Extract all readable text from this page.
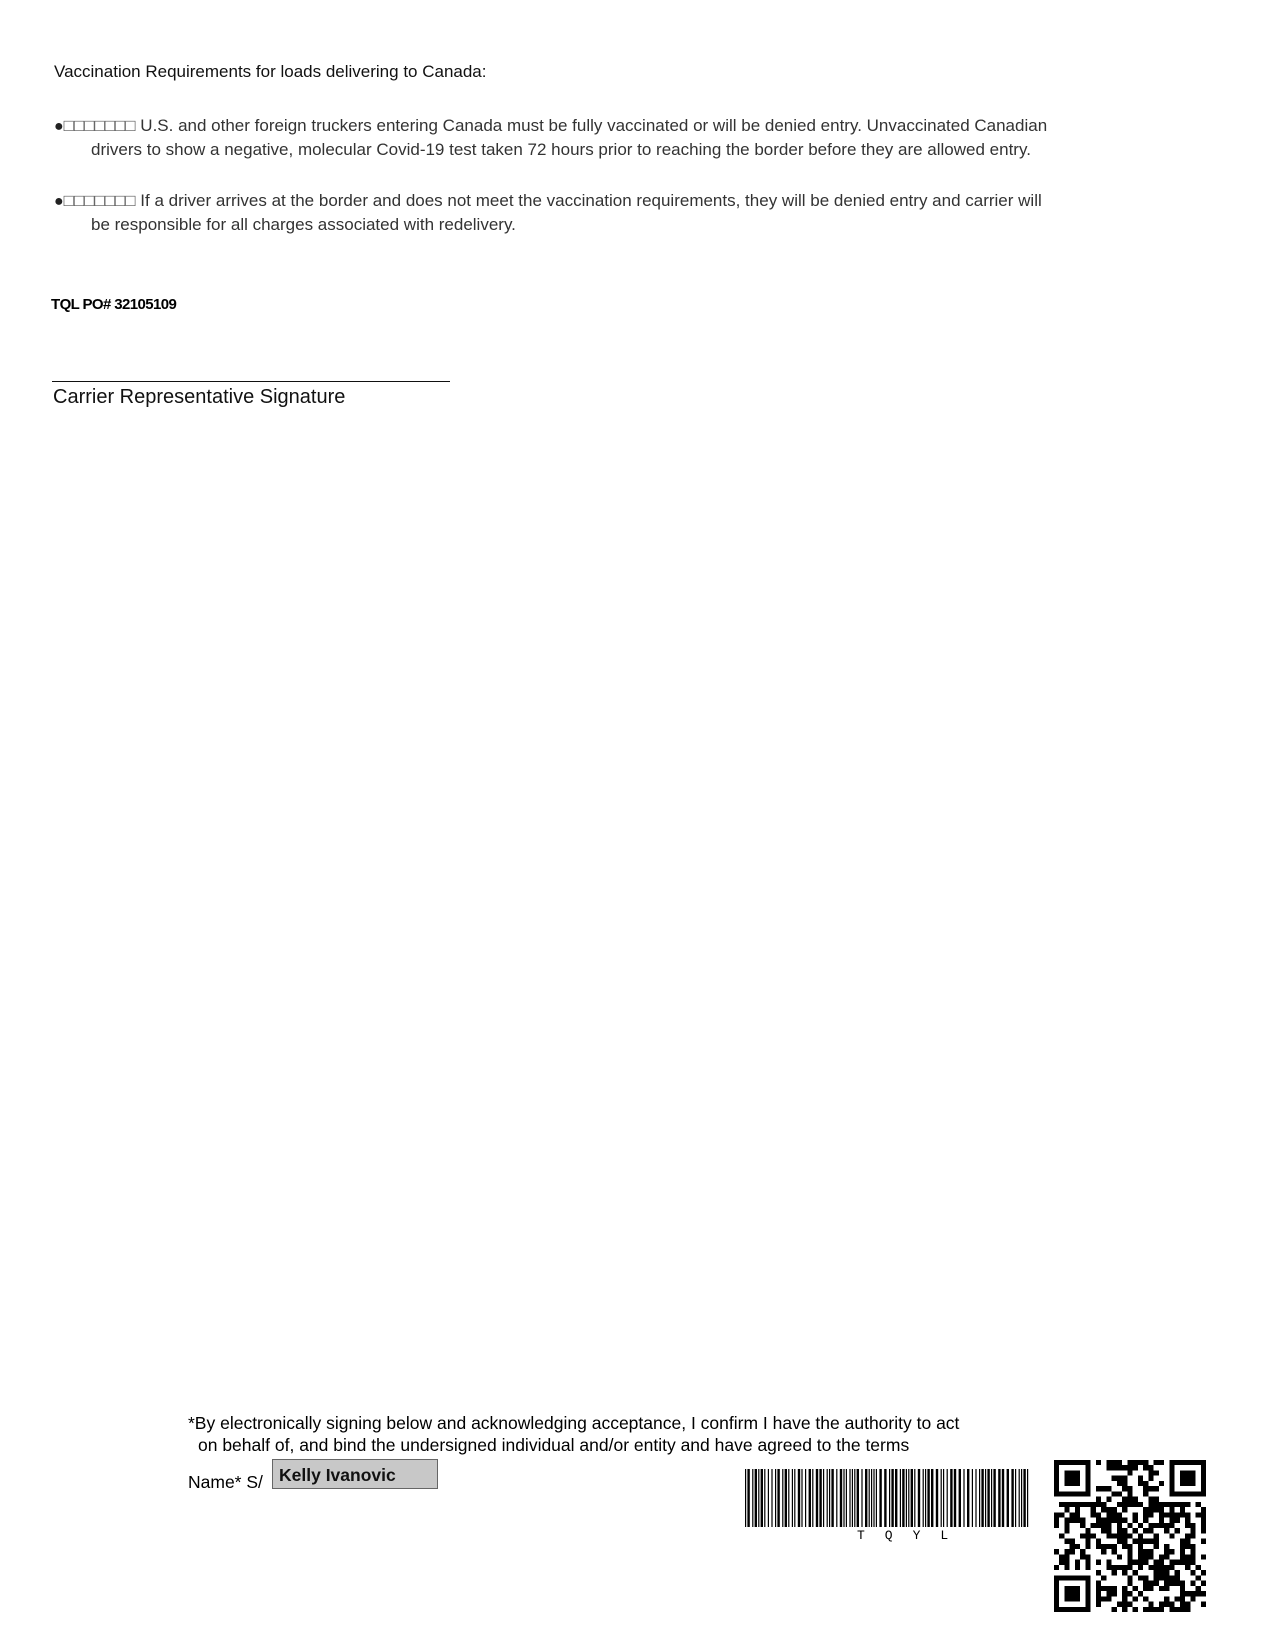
Vaccination Requirements for loads delivering to Canada:
●□□□□□□□ U.S. and other foreign truckers entering Canada must be fully vaccinated or will be denied entry. Unvaccinated Canadian
drivers to show a negative, molecular Covid-19 test taken 72 hours prior to reaching the border before they are allowed entry.
●□□□□□□□ If a driver arrives at the border and does not meet the vaccination requirements, they will be denied entry and carrier will
be responsible for all charges associated with redelivery.
TQL PO# 32105109
Carrier Representative Signature
*By electronically signing below and acknowledging acceptance, I confirm I have the authority to act
on behalf of, and bind the undersigned individual and/or entity and have agreed to the terms
Name* S/ Kelly Ivanovic
TQYL
